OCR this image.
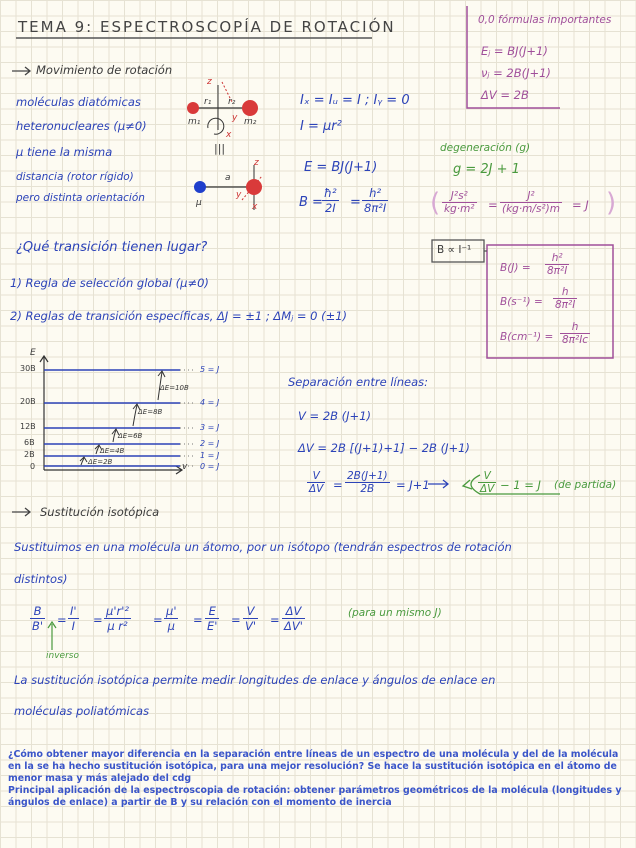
TEMA 9: ESPECTROSCOPÍA DE ROTACIÓN	0,0 fórmulas importantes
Eⱼ = BJ(J+1)
νⱼ = 2B(J+1)
ΔV = 2B
Movimiento de rotación
moléculas diatómicas
heteronucleares (μ≠0)
μ tiene la misma
distancia (rotor rígido)
pero distinta orientación
m₁	m₂
r₁ r₂
z
y
x
|||
a
μ
z
y
x
Iₓ = Iᵤ = I ; Iᵧ = 0
I = μr²
E = BJ(J+1)
$B = \frac{\text{ħ²}}{2I} = \frac{\text{h²}}{\text{8π²I}}$
degeneración (g)
g = 2J + 1
( $\frac{\text{J²s²}}{\text{kg·m²}} = \frac{\text{J²}}{\text{(kg·m/s²)m}} = J$ )
B ∝ I⁻¹
$B(J) = \frac{\text{h²}}{\text{8π²I}}$
$B(s^{-1}) = \frac{h}{\text{8π²I}}$
$B(cm^{-1}) = \frac{h}{\text{8π²Ic}}$
¿Qué transición tienen lugar?
1) Regla de selección global (μ≠0)
2) Reglas de transición específicas, ΔJ = ±1 ; ΔMⱼ = 0 (±1)
E
v
30B
20B
12B
6B
2B
0
5 = J
4 = J
3 = J
2 = J
1 = J
0 = J
ΔE=10B
ΔE=8B
ΔE=6B
ΔE=4B
ΔE=2B
Separación entre líneas:
V = 2B (J+1)
ΔV = 2B [(J+1)+1] − 2B (J+1)
$\frac{V}{\Delta V} = \frac{2B(J+1)}{2B} = J+1$	$\frac{V}{\Delta V} - 1 = J$ (de partida)
Sustitución isotópica
Sustituimos en una molécula un átomo, por un isótopo (tendrán espectros de rotación
distintos)
$\frac{B}{B'} = \frac{I'}{I} = \frac{\text{μ'r'²}}{\text{μ r²}} = \frac{\mu'}{\mu} = \frac{E}{E'} = \frac{V}{V'} = \frac{\Delta V}{\Delta V'}$	(para un mismo J)
inverso
La sustitución isotópica permite medir longitudes de enlace y ángulos de enlace en
moléculas poliatómicas
¿Cómo obtener mayor diferencia en la separación entre líneas de un espectro de una molécula y del de la molécula en la se ha hecho sustitución isotópica, para una mejor resolución? Se hace la sustitución isotópica en el átomo de menor masa y más alejado del cdg
Principal aplicación de la espectroscopia de rotación: obtener parámetros geométricos de la molécula (longitudes y ángulos de enlace) a partir de B y su relación con el momento de inercia
